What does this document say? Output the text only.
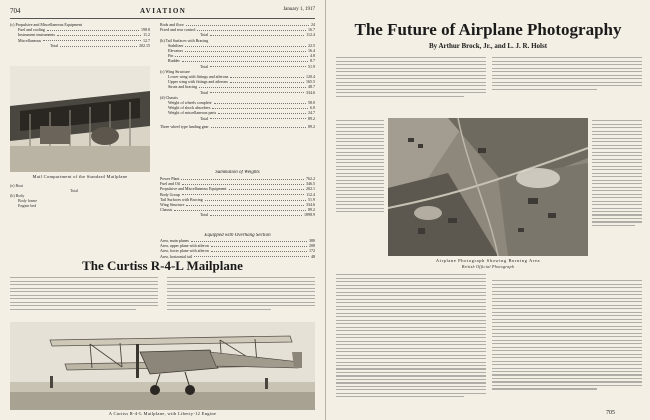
704	AVIATION	January 1, 1917
(c) Propulsive and Miscellaneous Equipment
Fuel and cooling	198.8
Instrument instruments	11.2
Miscellaneous	12.7
Total	202.15
Rods and floor	24
Fixed and rear control	16.7
Total	112.4
(b) Tail Surfaces with Bracing
Stabilizer	22.5
Elevators	16.4
Fin	4.8
Rudder	8.7
Total	51.9
(c) Wing Structure
Lower wing with fittings and ailerons	120.4
Upper wing with fittings and ailerons	165.5
Struts and bracing	48.7
Total	334.6
(d) Chassis
Weight of wheels complete	58.0
Weight of shock absorbers	6.0
Weight of miscellaneous parts	24.7
Total	89.2
Three wheel type landing gear	89.2
Mail Compartment of the Standard Mailplane
(e) Boat
Total
(b) Body
Body frame
Engine bed
Summation of Weights
Power Plant	762.2
Fuel and Oil	346.5
Propulsive and Miscellaneous Equipment	202.1
Body Group	112.4
Tail Surfaces with Bracing	51.9
Wing Structure	334.6
Chassis	89.2
Total	1898.9
Equipped with Overhang Section
Area, main planes	380
Area, upper plane with aileron	208
Area, lower plane with aileron	172
Area, horizontal tail	48
The Curtiss R-4-L Mailplane
A Curtiss R-4-L Mailplane, with Liberty-12 Engine
The Future of Airplane Photography
By Arthur Brock, Jr., and L. J. R. Holst
Airplane Photograph Showing Burning Area
British Official Photograph
705
